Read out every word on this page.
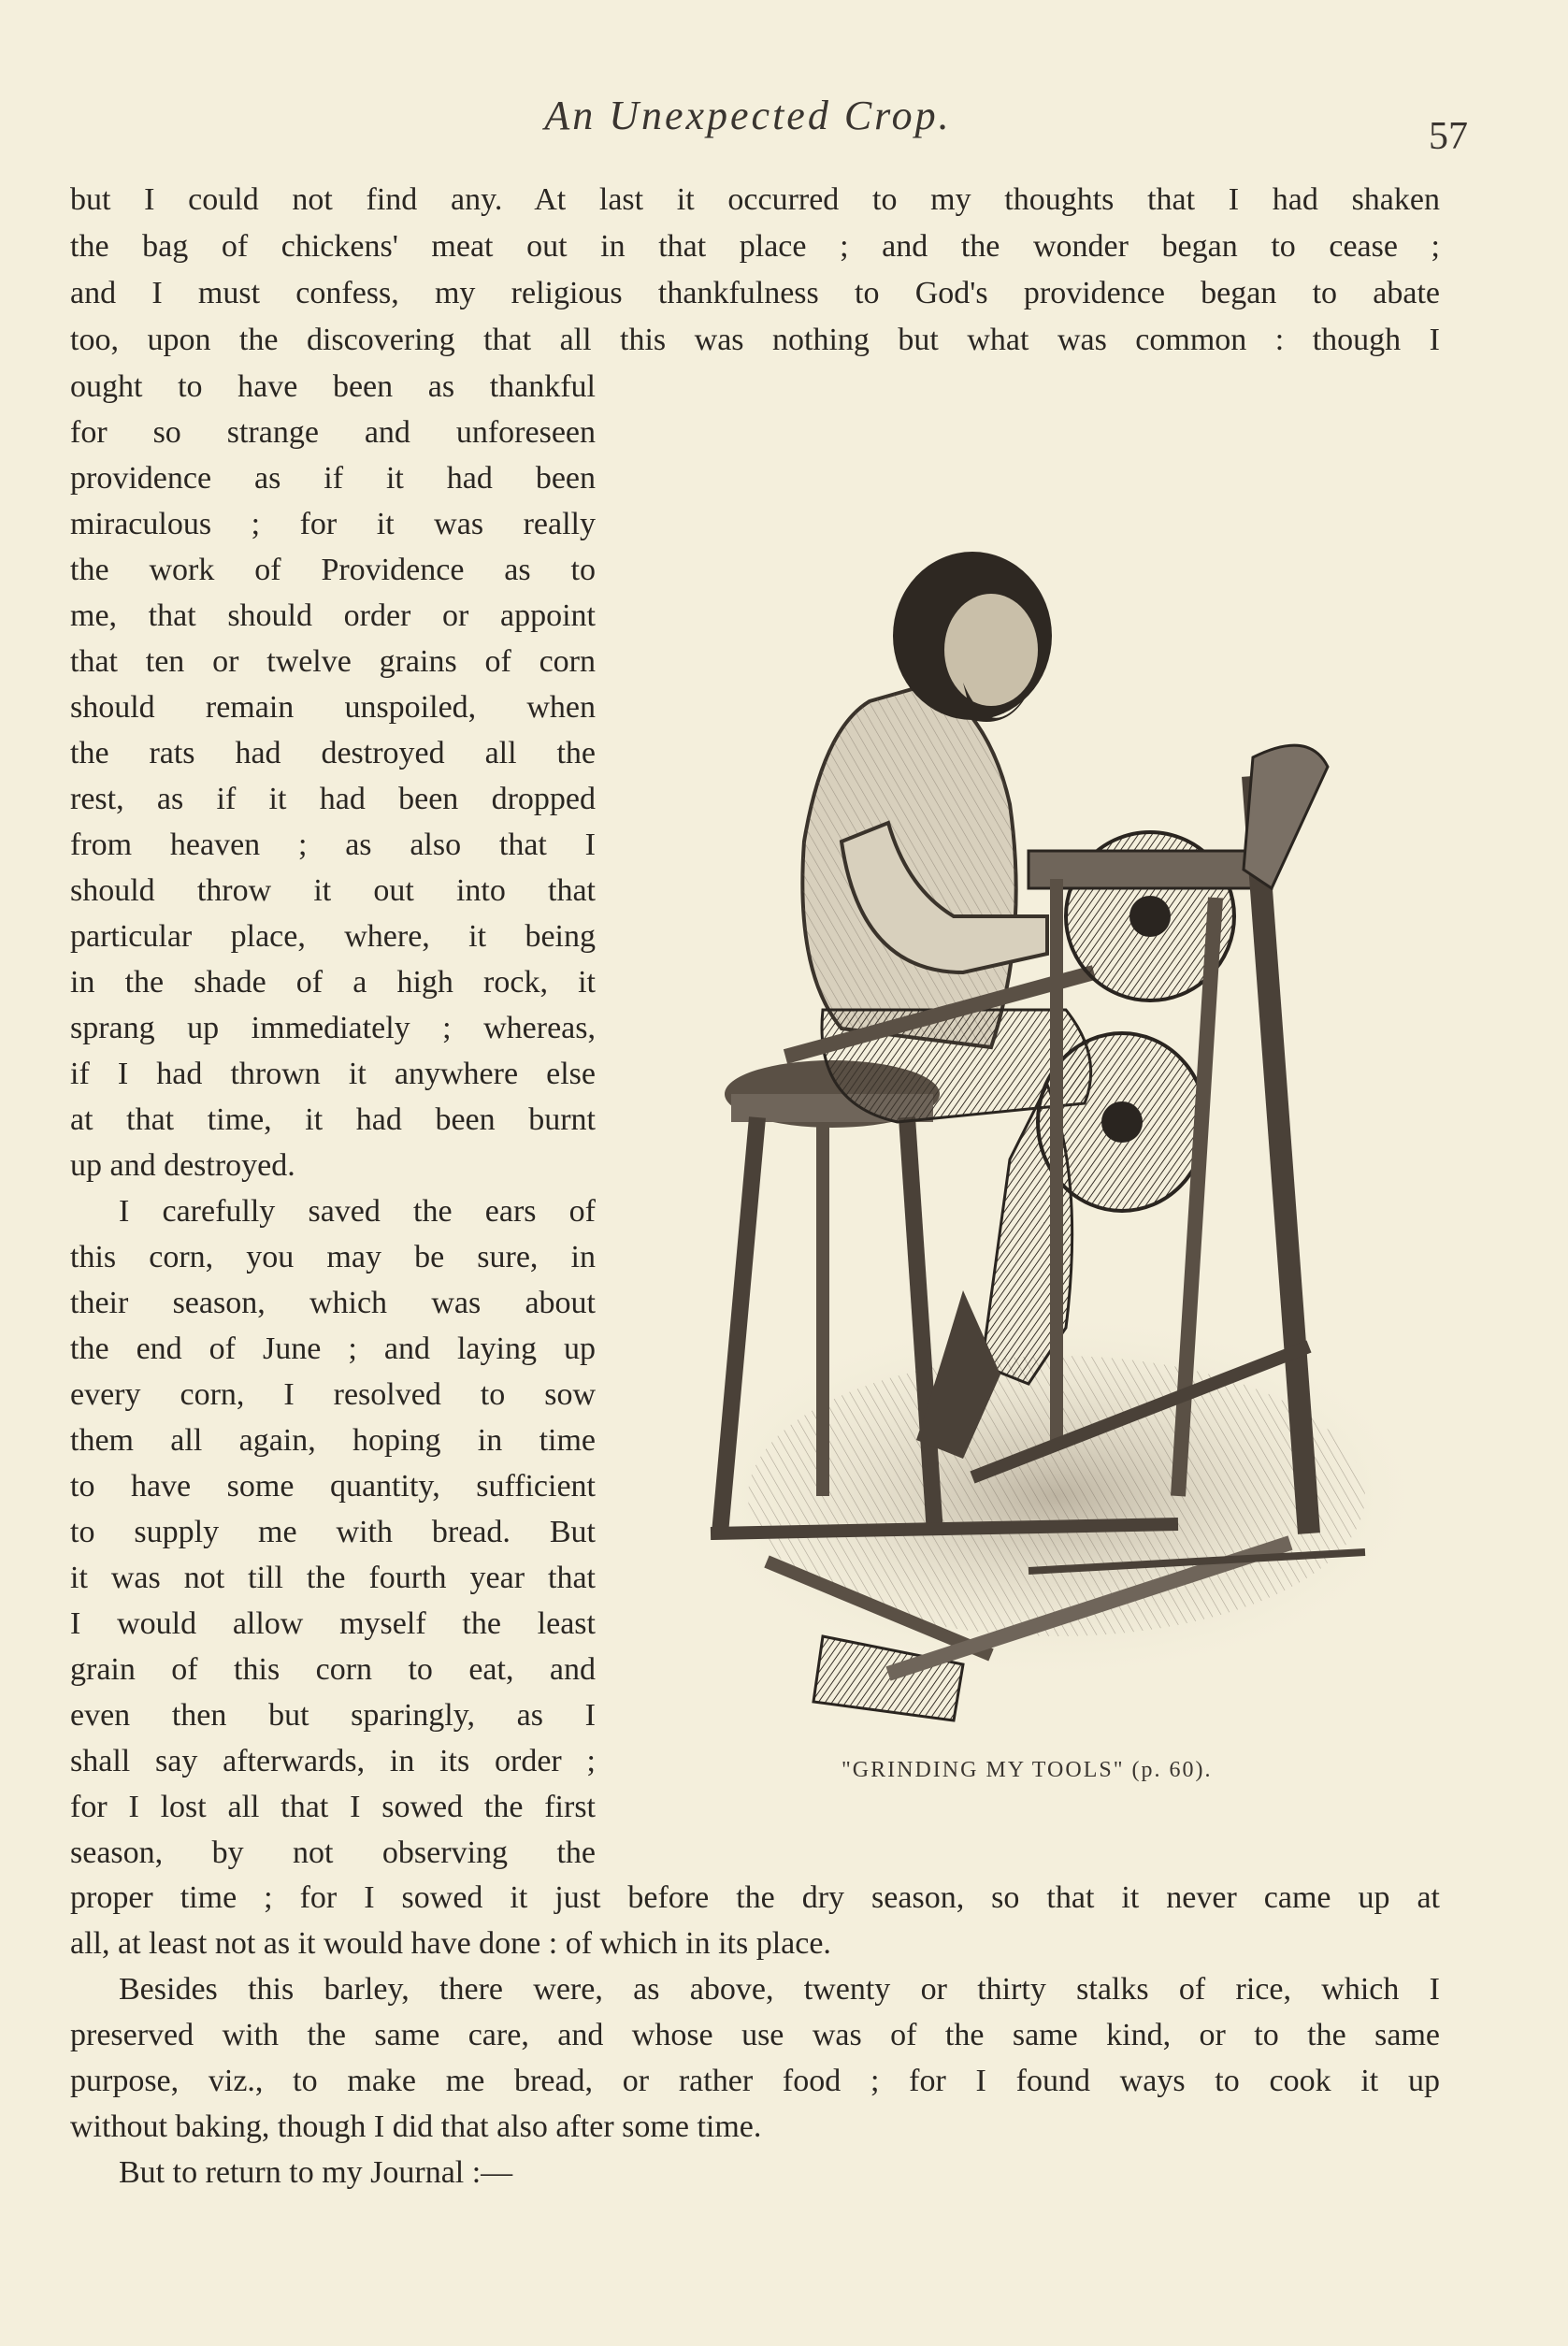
An Unexpected Crop.	57
but I could not find any. At last it occurred to my thoughts that I had shaken
the bag of chickens' meat out in that place ; and the wonder began to cease ;
and I must confess, my religious thankfulness to God's providence began to abate
too, upon the discovering that all this was nothing but what was common : though I
ought to have been as thankful
for so strange and unforeseen
providence as if it had been
miraculous ; for it was really
the work of Providence as to
me, that should order or appoint
that ten or twelve grains of corn
should remain unspoiled, when
the rats had destroyed all the
rest, as if it had been dropped
from heaven ; as also that I
should throw it out into that
particular place, where, it being
in the shade of a high rock, it
sprang up immediately ; whereas,
if I had thrown it anywhere else
at that time, it had been burnt
up and destroyed.
I carefully saved the ears of
this corn, you may be sure, in
their season, which was about
the end of June ; and laying up
every corn, I resolved to sow
them all again, hoping in time
to have some quantity, sufficient
to supply me with bread. But
it was not till the fourth year that
I would allow myself the least
grain of this corn to eat, and
even then but sparingly, as I
shall say afterwards, in its order ;
for I lost all that I sowed the first
season, by not observing the
proper time ; for I sowed it just before the dry season, so that it never came up at
all, at least not as it would have done : of which in its place.
Besides this barley, there were, as above, twenty or thirty stalks of rice, which I
preserved with the same care, and whose use was of the same kind, or to the same
purpose, viz., to make me bread, or rather food ; for I found ways to cook it up
without baking, though I did that also after some time.
But to return to my Journal :—
"GRINDING MY TOOLS" (p. 60).
